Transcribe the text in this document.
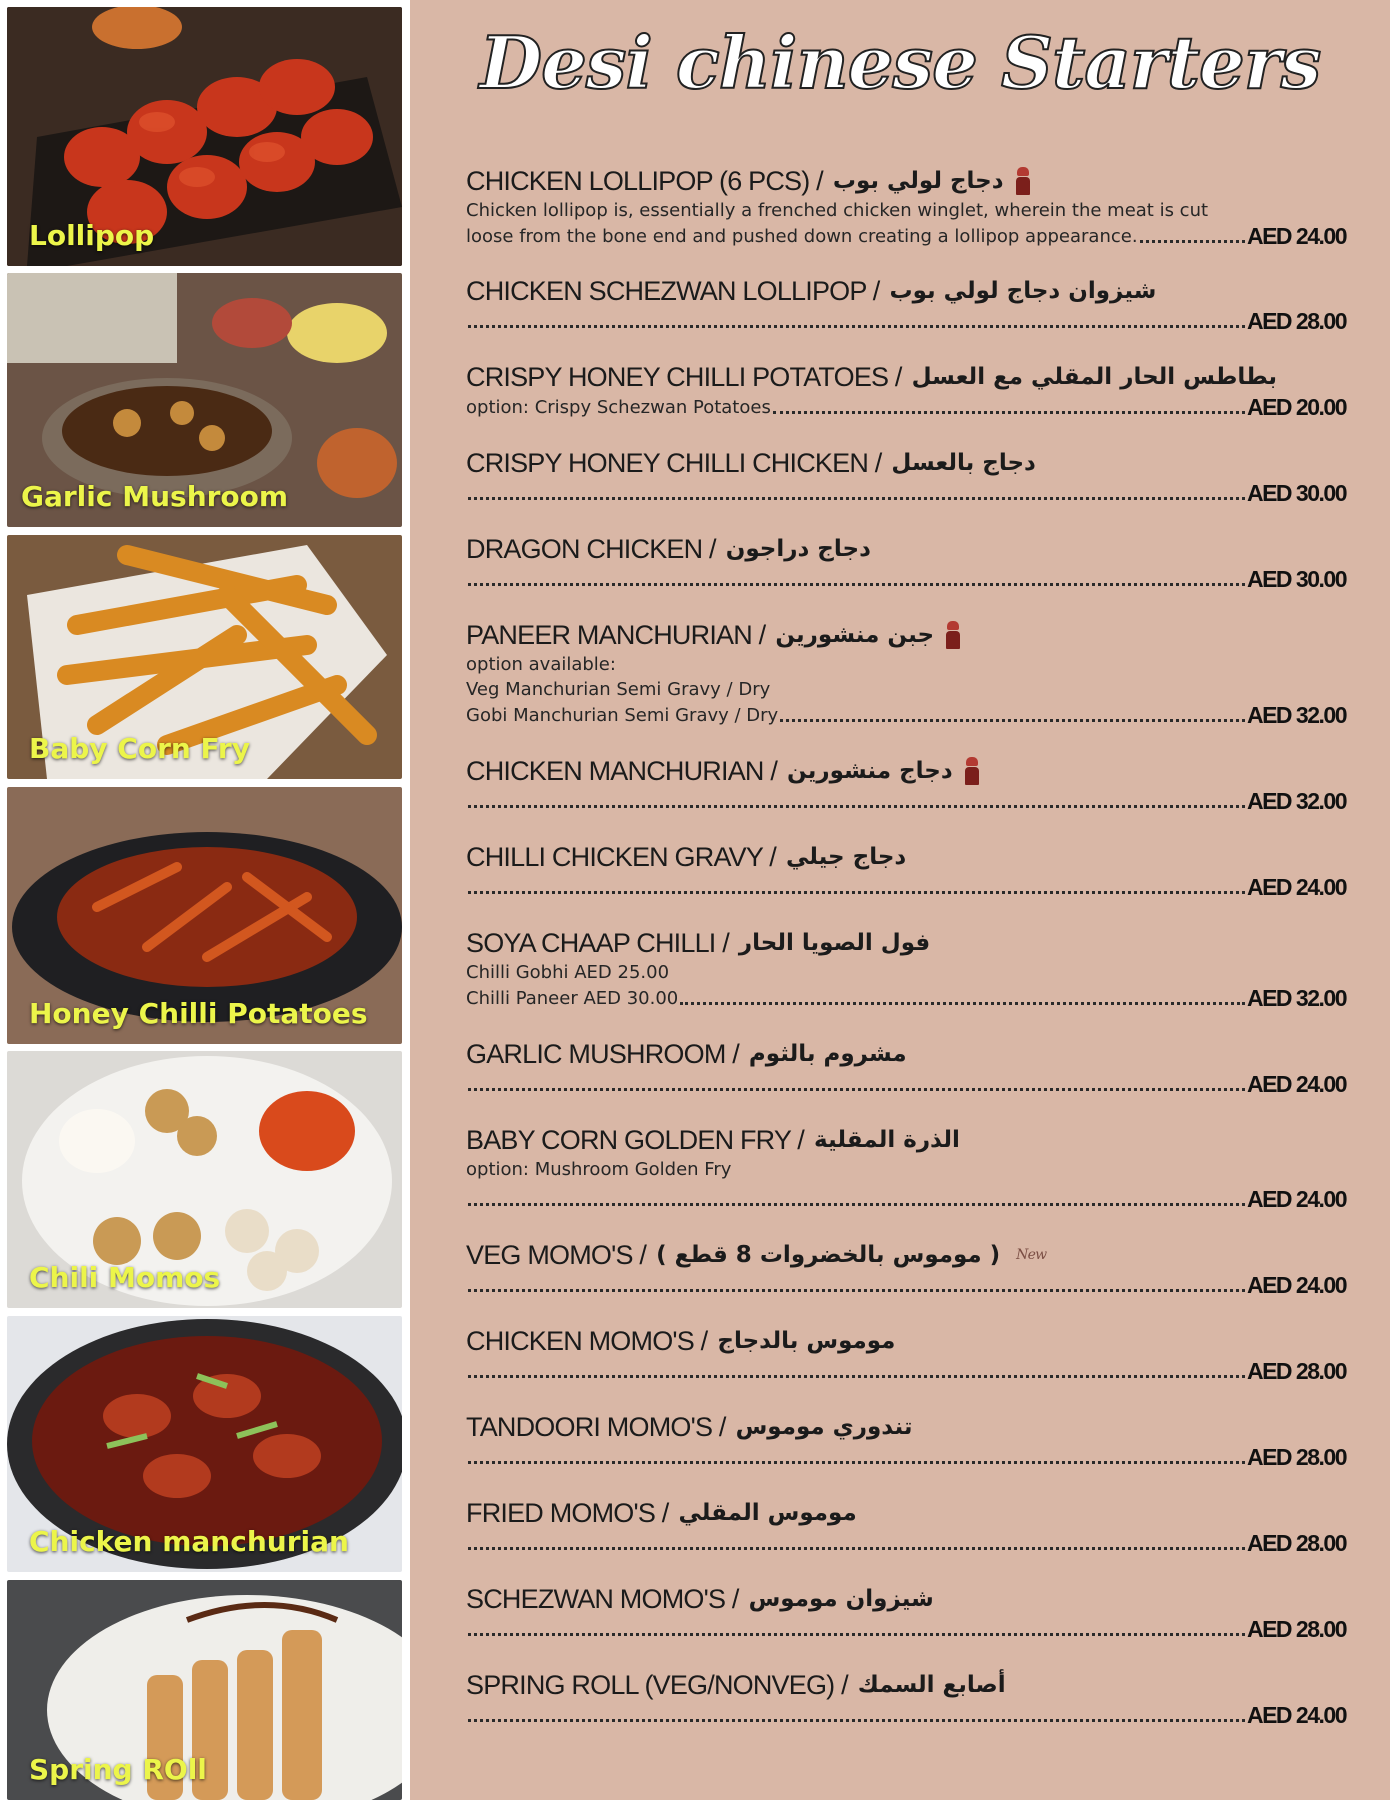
Lollipop
Garlic Mushroom
Baby Corn Fry
Honey Chilli Potatoes
Chili Momos
Chicken manchurian
Spring ROll
Desi chinese Starters
CHICKEN LOLLIPOP (6 PCS) / دجاج لولي بوب
Chicken lollipop is, essentially a frenched chicken winglet, wherein the meat is cut
loose from the bone end and pushed down creating a lollipop appearance.	AED 24.00
CHICKEN SCHEZWAN LOLLIPOP / شيزوان دجاج لولي بوب
AED 28.00
CRISPY HONEY CHILLI POTATOES / بطاطس الحار المقلي مع العسل
option: Crispy Schezwan Potatoes	AED 20.00
CRISPY HONEY CHILLI CHICKEN / دجاج بالعسل
AED 30.00
DRAGON CHICKEN / دجاج دراجون
AED 30.00
PANEER MANCHURIAN / جبن منشورين
option available:
Veg Manchurian Semi Gravy / Dry
Gobi Manchurian Semi Gravy / Dry	AED 32.00
CHICKEN MANCHURIAN / دجاج منشورين
AED 32.00
CHILLI CHICKEN GRAVY / دجاج جيلي
AED 24.00
SOYA CHAAP CHILLI / فول الصويا الحار
Chilli Gobhi AED 25.00
Chilli Paneer AED 30.00	AED 32.00
GARLIC MUSHROOM / مشروم بالثوم
AED 24.00
BABY CORN GOLDEN FRY / الذرة المقلية
option: Mushroom Golden Fry
AED 24.00
VEG MOMO'S / ( موموس بالخضروات 8 قطع ) New
AED 24.00
CHICKEN MOMO'S / موموس بالدجاج
AED 28.00
TANDOORI MOMO'S / تندوري موموس
AED 28.00
FRIED MOMO'S / موموس المقلي
AED 28.00
SCHEZWAN MOMO'S / شيزوان موموس
AED 28.00
SPRING ROLL (VEG/NONVEG) / أصابع السمك
AED 24.00
